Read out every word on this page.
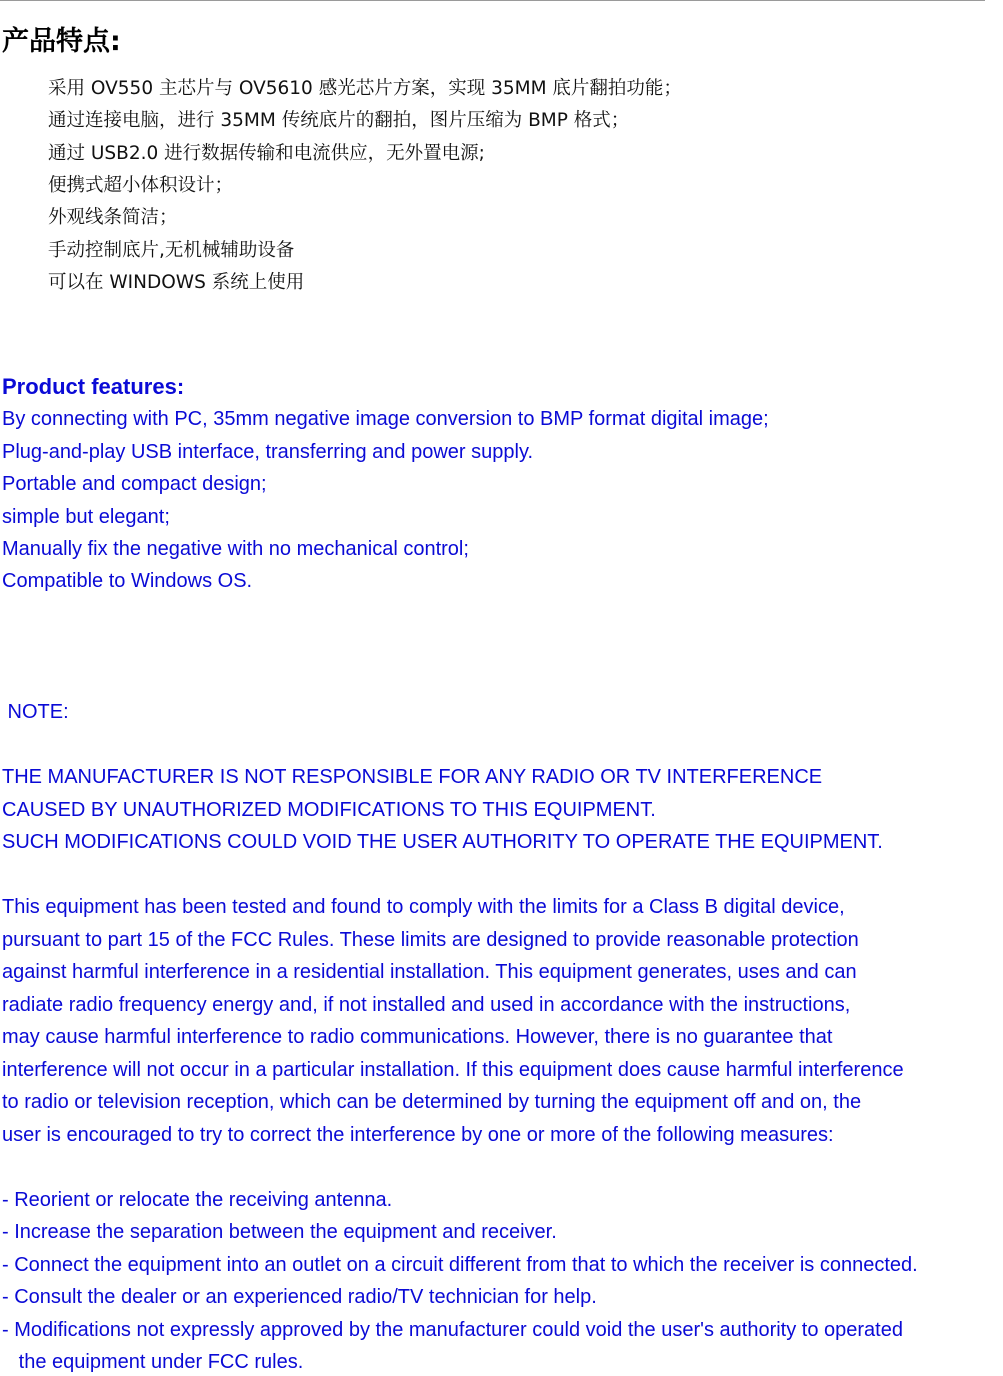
产品特点:

采用 OV550 主芯片与 OV5610 感光芯片方案，实现 35MM 底片翻拍功能；

通过连接电脑，进行 35MM 传统底片的翻拍，图片压缩为 BMP 格式；

通过 USB2.0 进行数据传输和电流供应，无外置电源;

便携式超小体积设计；

外观线条简洁；

手动控制底片,无机械辅助设备

可以在 WINDOWS 系统上使用

Product features:

By connecting with PC, 35mm negative image conversion to BMP format digital image;

Plug-and-play USB interface, transferring and power supply.

Portable and compact design;

simple but elegant;

Manually fix the negative with no mechanical control;

Compatible to Windows OS.

NOTE:

THE MANUFACTURER IS NOT RESPONSIBLE FOR ANY RADIO OR TV INTERFERENCE

CAUSED BY UNAUTHORIZED MODIFICATIONS TO THIS EQUIPMENT.

SUCH MODIFICATIONS COULD VOID THE USER AUTHORITY TO OPERATE THE EQUIPMENT.

This equipment has been tested and found to comply with the limits for a Class B digital device,

pursuant to part 15 of the FCC Rules. These limits are designed to provide reasonable protection

against harmful interference in a residential installation. This equipment generates, uses and can

radiate radio frequency energy and, if not installed and used in accordance with the instructions,

may cause harmful interference to radio communications. However, there is no guarantee that

interference will not occur in a particular installation. If this equipment does cause harmful interference

to radio or television reception, which can be determined by turning the equipment off and on, the

user is encouraged to try to correct the interference by one or more of the following measures:

- Reorient or relocate the receiving antenna.

- Increase the separation between the equipment and receiver.

- Connect the equipment into an outlet on a circuit different from that to which the receiver is connected.

- Consult the dealer or an experienced radio/TV technician for help.

- Modifications not expressly approved by the manufacturer could void the user's authority to operated

the equipment under FCC rules.
